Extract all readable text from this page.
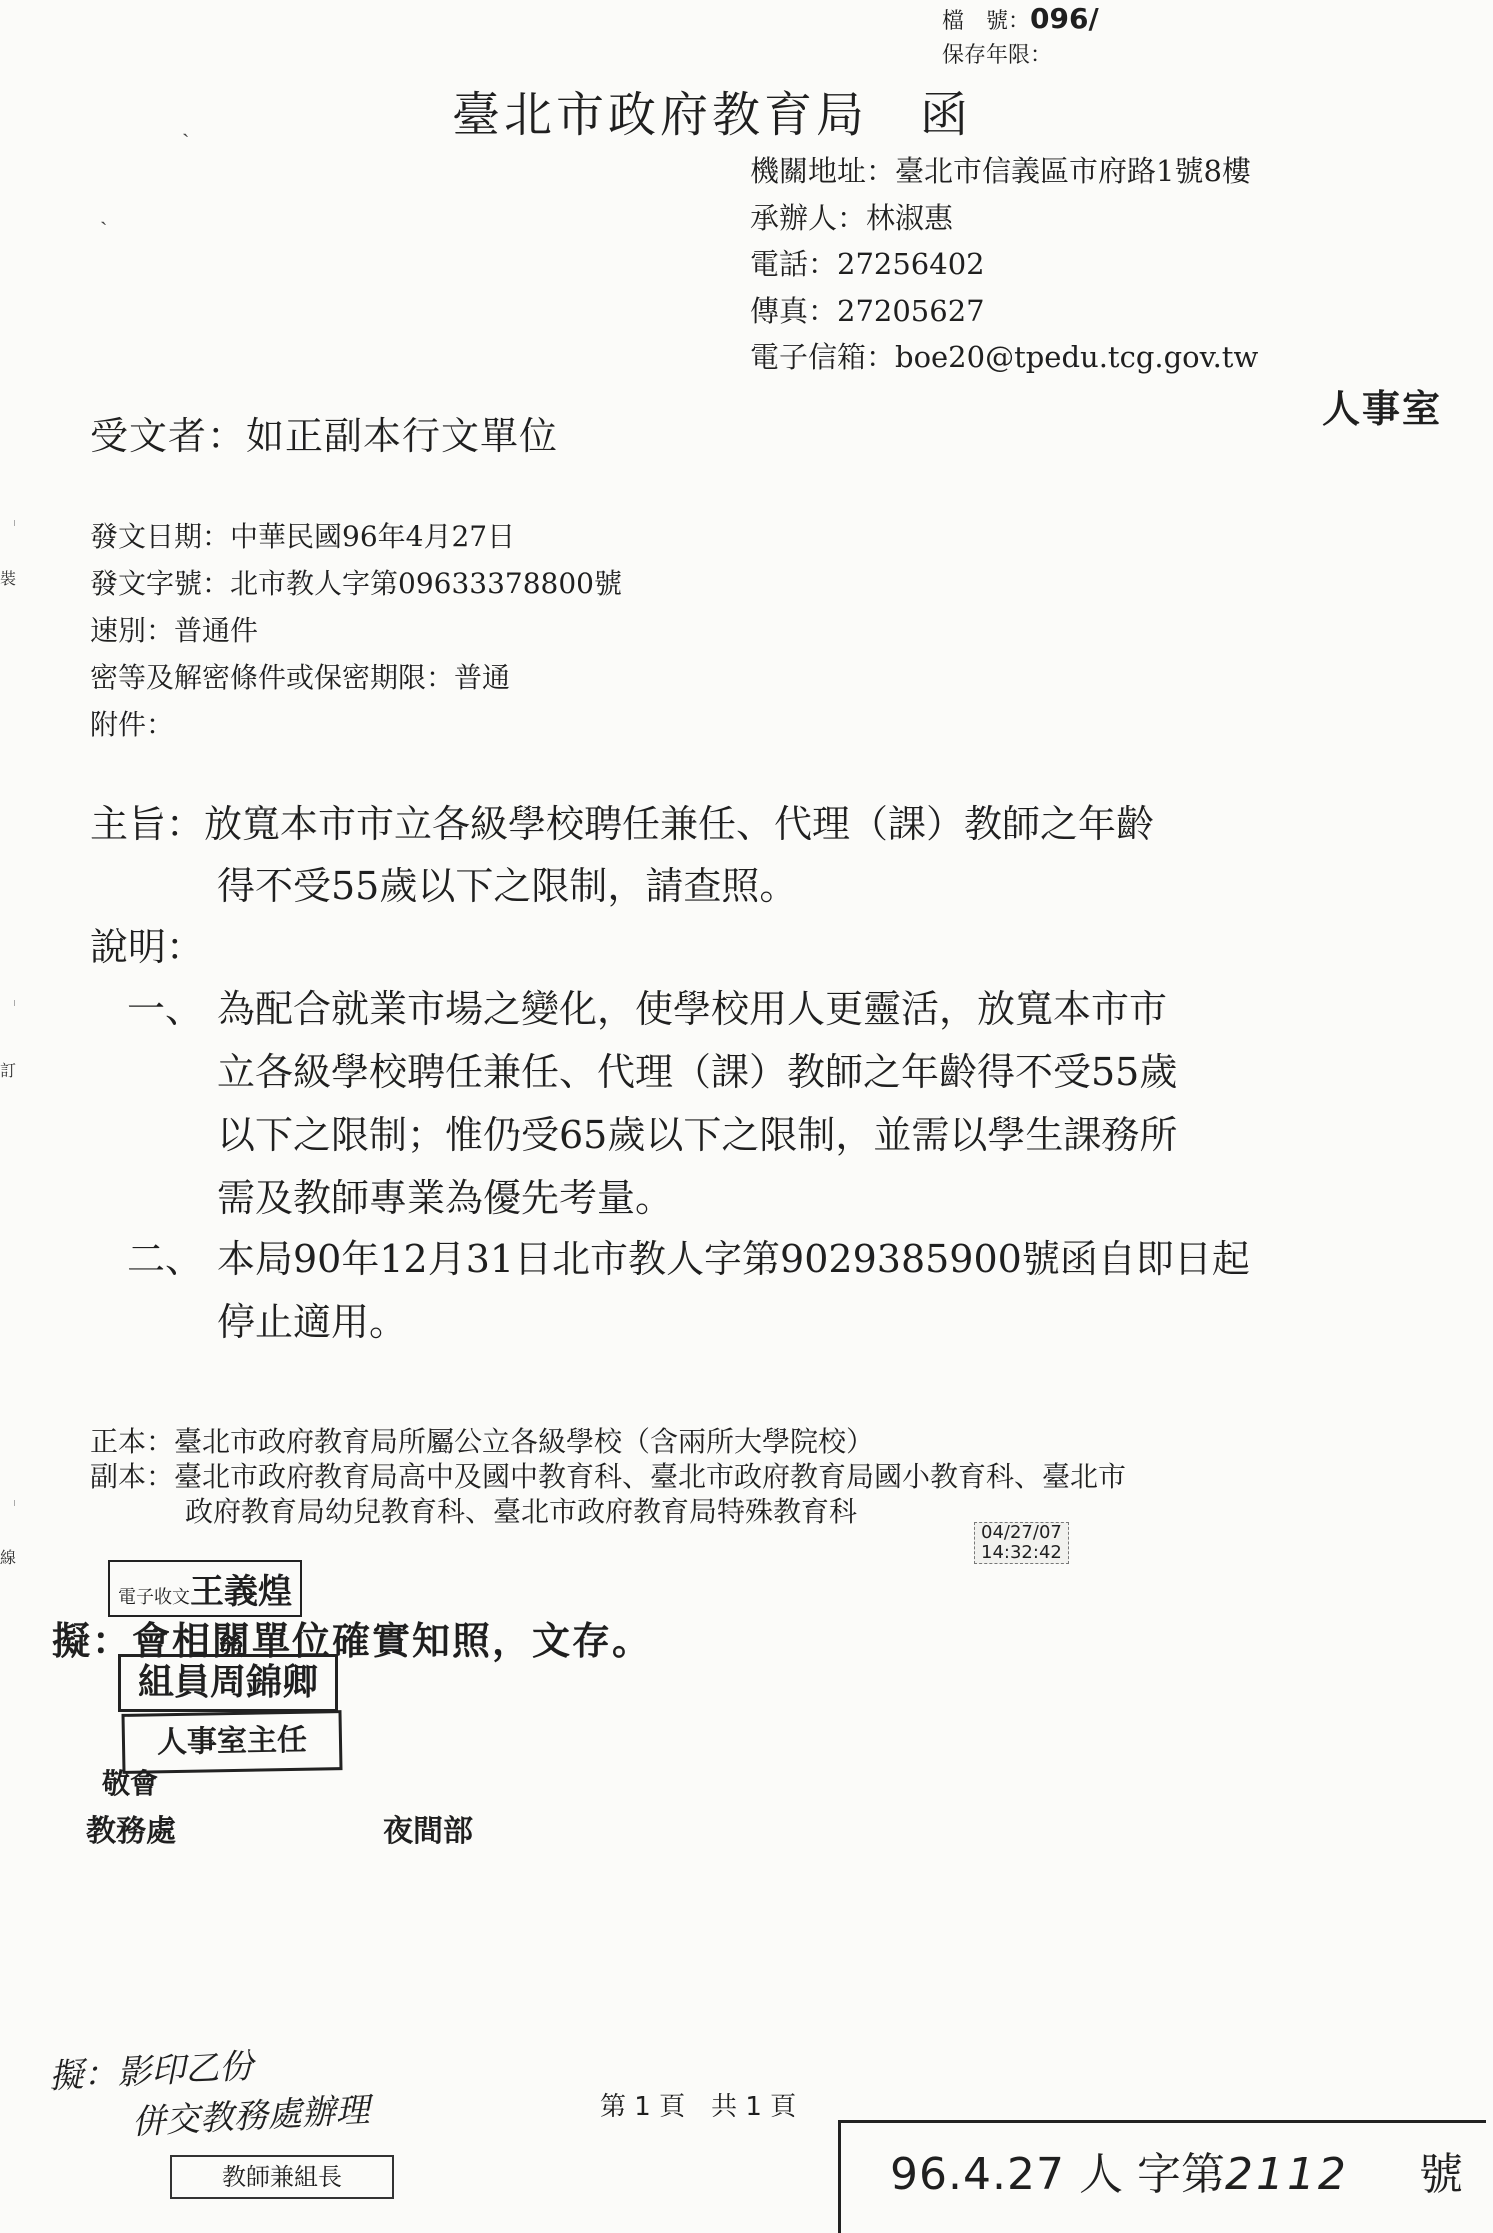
裝
訂
線
ˏ
ˏ
檔　號：096/
保存年限：
臺北市政府教育局　函
機關地址：臺北市信義區市府路1號8樓
承辦人：林淑惠
電話：27256402
傳真：27205627
電子信箱：boe20@tpedu.tcg.gov.tw
人事室
受文者：如正副本行文單位
發文日期：中華民國96年4月27日
發文字號：北市教人字第09633378800號
速別：普通件
密等及解密條件或保密期限：普通
附件：
主旨：放寬本市市立各級學校聘任兼任、代理（課）教師之年齡
得不受55歲以下之限制，請查照。
說明：
一、 為配合就業市場之變化，使學校用人更靈活，放寬本市市
立各級學校聘任兼任、代理（課）教師之年齡得不受55歲
以下之限制；惟仍受65歲以下之限制，並需以學生課務所
需及教師專業為優先考量。
二、 本局90年12月31日北市教人字第9029385900號函自即日起
停止適用。
正本：臺北市政府教育局所屬公立各級學校（含兩所大學院校）
副本：臺北市政府教育局高中及國中教育科、臺北市政府教育局國小教育科、臺北市
政府教育局幼兒教育科、臺北市政府教育局特殊教育科
04/27/07
14:32:42
電子收文王義煌
擬：會相關單位確實知照，文存。
組員周錦卿
人事室主任
敬會
教務處	夜間部
擬：影印乙份
併交教務處辦理
教師兼組長
第 1 頁　共 1 頁
96.4.27 人 字第2112 號
